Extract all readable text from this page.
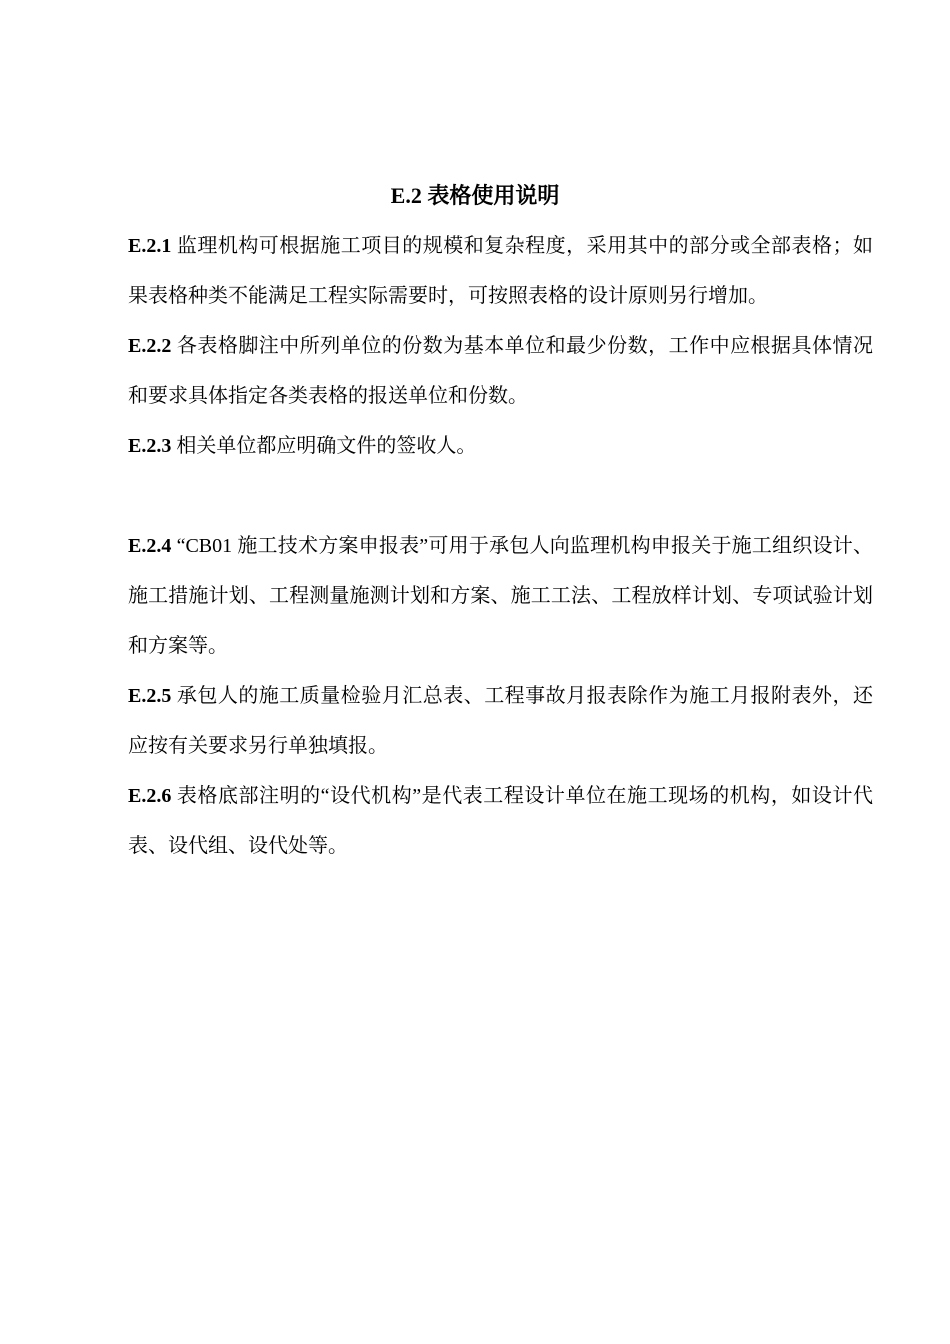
E.2 表格使用说明

E.2.1 监理机构可根据施工项目的规模和复杂程度，采用其中的部分或全部表格；如果表格种类不能满足工程实际需要时，可按照表格的设计原则另行增加。

E.2.2 各表格脚注中所列单位的份数为基本单位和最少份数，工作中应根据具体情况和要求具体指定各类表格的报送单位和份数。

E.2.3 相关单位都应明确文件的签收人。

E.2.4 “CB01 施工技术方案申报表”可用于承包人向监理机构申报关于施工组织设计、施工措施计划、工程测量施测计划和方案、施工工法、工程放样计划、专项试验计划和方案等。

E.2.5 承包人的施工质量检验月汇总表、工程事故月报表除作为施工月报附表外，还应按有关要求另行单独填报。

E.2.6 表格底部注明的“设代机构”是代表工程设计单位在施工现场的机构，如设计代表、设代组、设代处等。
